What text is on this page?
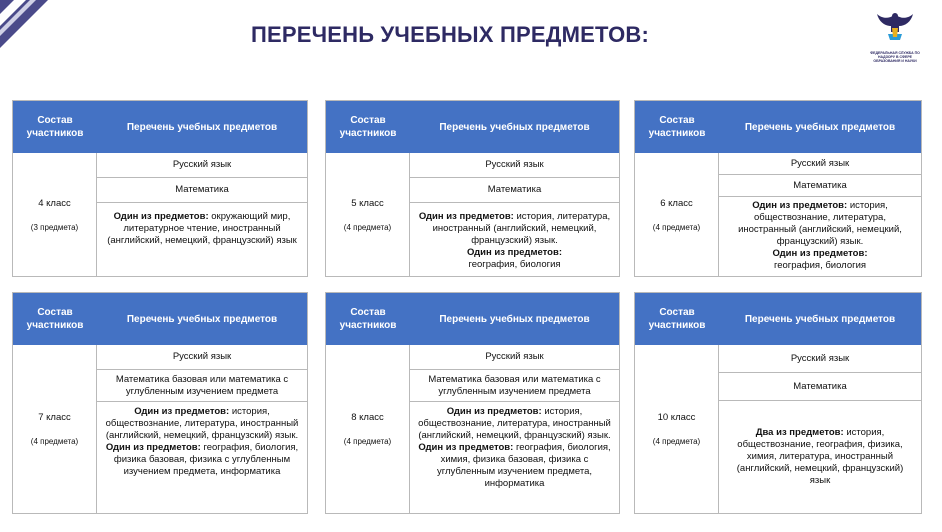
ПЕРЕЧЕНЬ УЧЕБНЫХ ПРЕДМЕТОВ:
ФЕДЕРАЛЬНАЯ СЛУЖБА ПО НАДЗОРУ В СФЕРЕ ОБРАЗОВАНИЯ И НАУКИ
Состав участников
Перечень учебных предметов
4 класс
(3 предмета)
Русский язык
Математика
Один из предметов: окружающий мир, литературное чтение, иностранный (английский, немецкий, французский) язык
Состав участников
Перечень учебных предметов
5 класс
(4 предмета)
Русский язык
Математика
Один из предметов: история, литература, иностранный (английский, немецкий, французский) язык.
Один из предметов:
география, биология
Состав участников
Перечень учебных предметов
6 класс
(4 предмета)
Русский язык
Математика
Один из предметов: история, обществознание, литература, иностранный (английский, немецкий, французский) язык.
Один из предметов:
география, биология
Состав участников
Перечень учебных предметов
7 класс
(4 предмета)
Русский язык
Математика базовая или математика с углубленным изучением предмета
Один из предметов: история, обществознание, литература, иностранный (английский, немецкий, французский) язык.
Один из предметов: география, биология, физика базовая, физика с углубленным изучением предмета, информатика
Состав участников
Перечень учебных предметов
8 класс
(4 предмета)
Русский язык
Математика базовая или математика с углубленным изучением предмета
Один из предметов: история, обществознание, литература, иностранный (английский, немецкий, французский) язык.
Один из предметов: география, биология, химия, физика базовая, физика с углубленным изучением предмета, информатика
Состав участников
Перечень учебных предметов
10 класс
(4 предмета)
Русский язык
Математика
Два из предметов: история, обществознание, география, физика, химия, литература, иностранный (английский, немецкий, французский) язык
